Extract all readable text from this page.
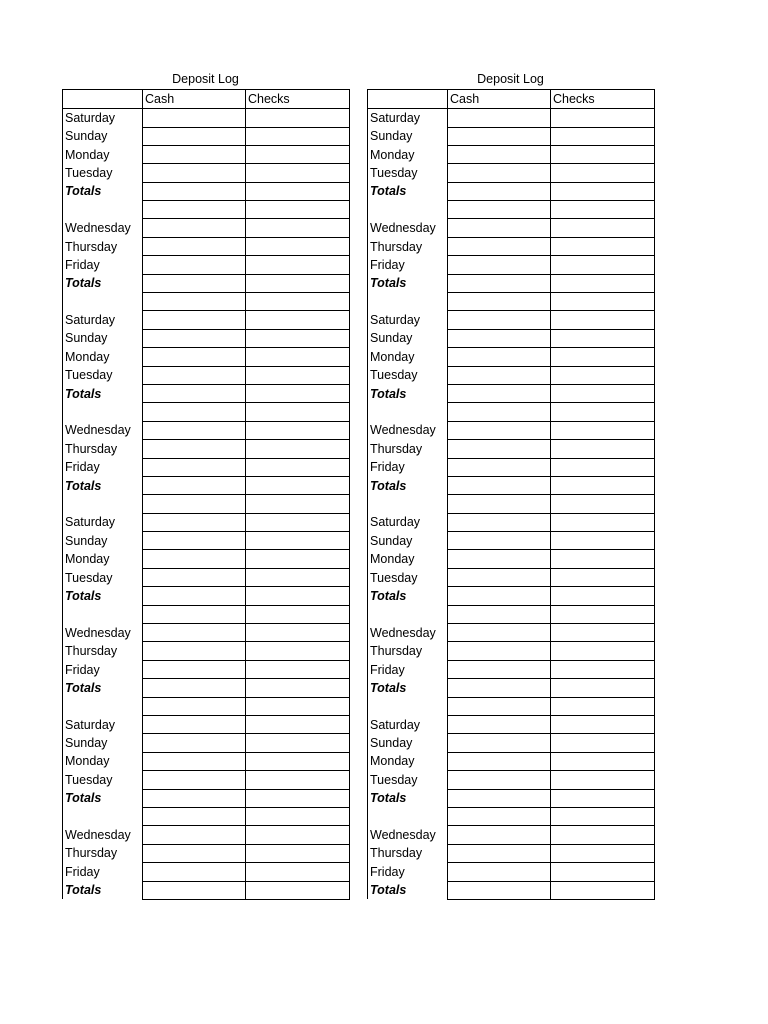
Deposit Log
	Cash	Checks
Saturday		
Sunday		
Monday		
Tuesday		
Totals		

Wednesday		
Thursday		
Friday		
Totals		

Saturday		
Sunday		
Monday		
Tuesday		
Totals		

Wednesday		
Thursday		
Friday		
Totals		

Saturday		
Sunday		
Monday		
Tuesday		
Totals		

Wednesday		
Thursday		
Friday		
Totals		

Saturday		
Sunday		
Monday		
Tuesday		
Totals		

Wednesday		
Thursday		
Friday		
Totals		
Deposit Log
	Cash	Checks
Saturday		
Sunday		
Monday		
Tuesday		
Totals		

Wednesday		
Thursday		
Friday		
Totals		

Saturday		
Sunday		
Monday		
Tuesday		
Totals		

Wednesday		
Thursday		
Friday		
Totals		

Saturday		
Sunday		
Monday		
Tuesday		
Totals		

Wednesday		
Thursday		
Friday		
Totals		

Saturday		
Sunday		
Monday		
Tuesday		
Totals		

Wednesday		
Thursday		
Friday		
Totals		
